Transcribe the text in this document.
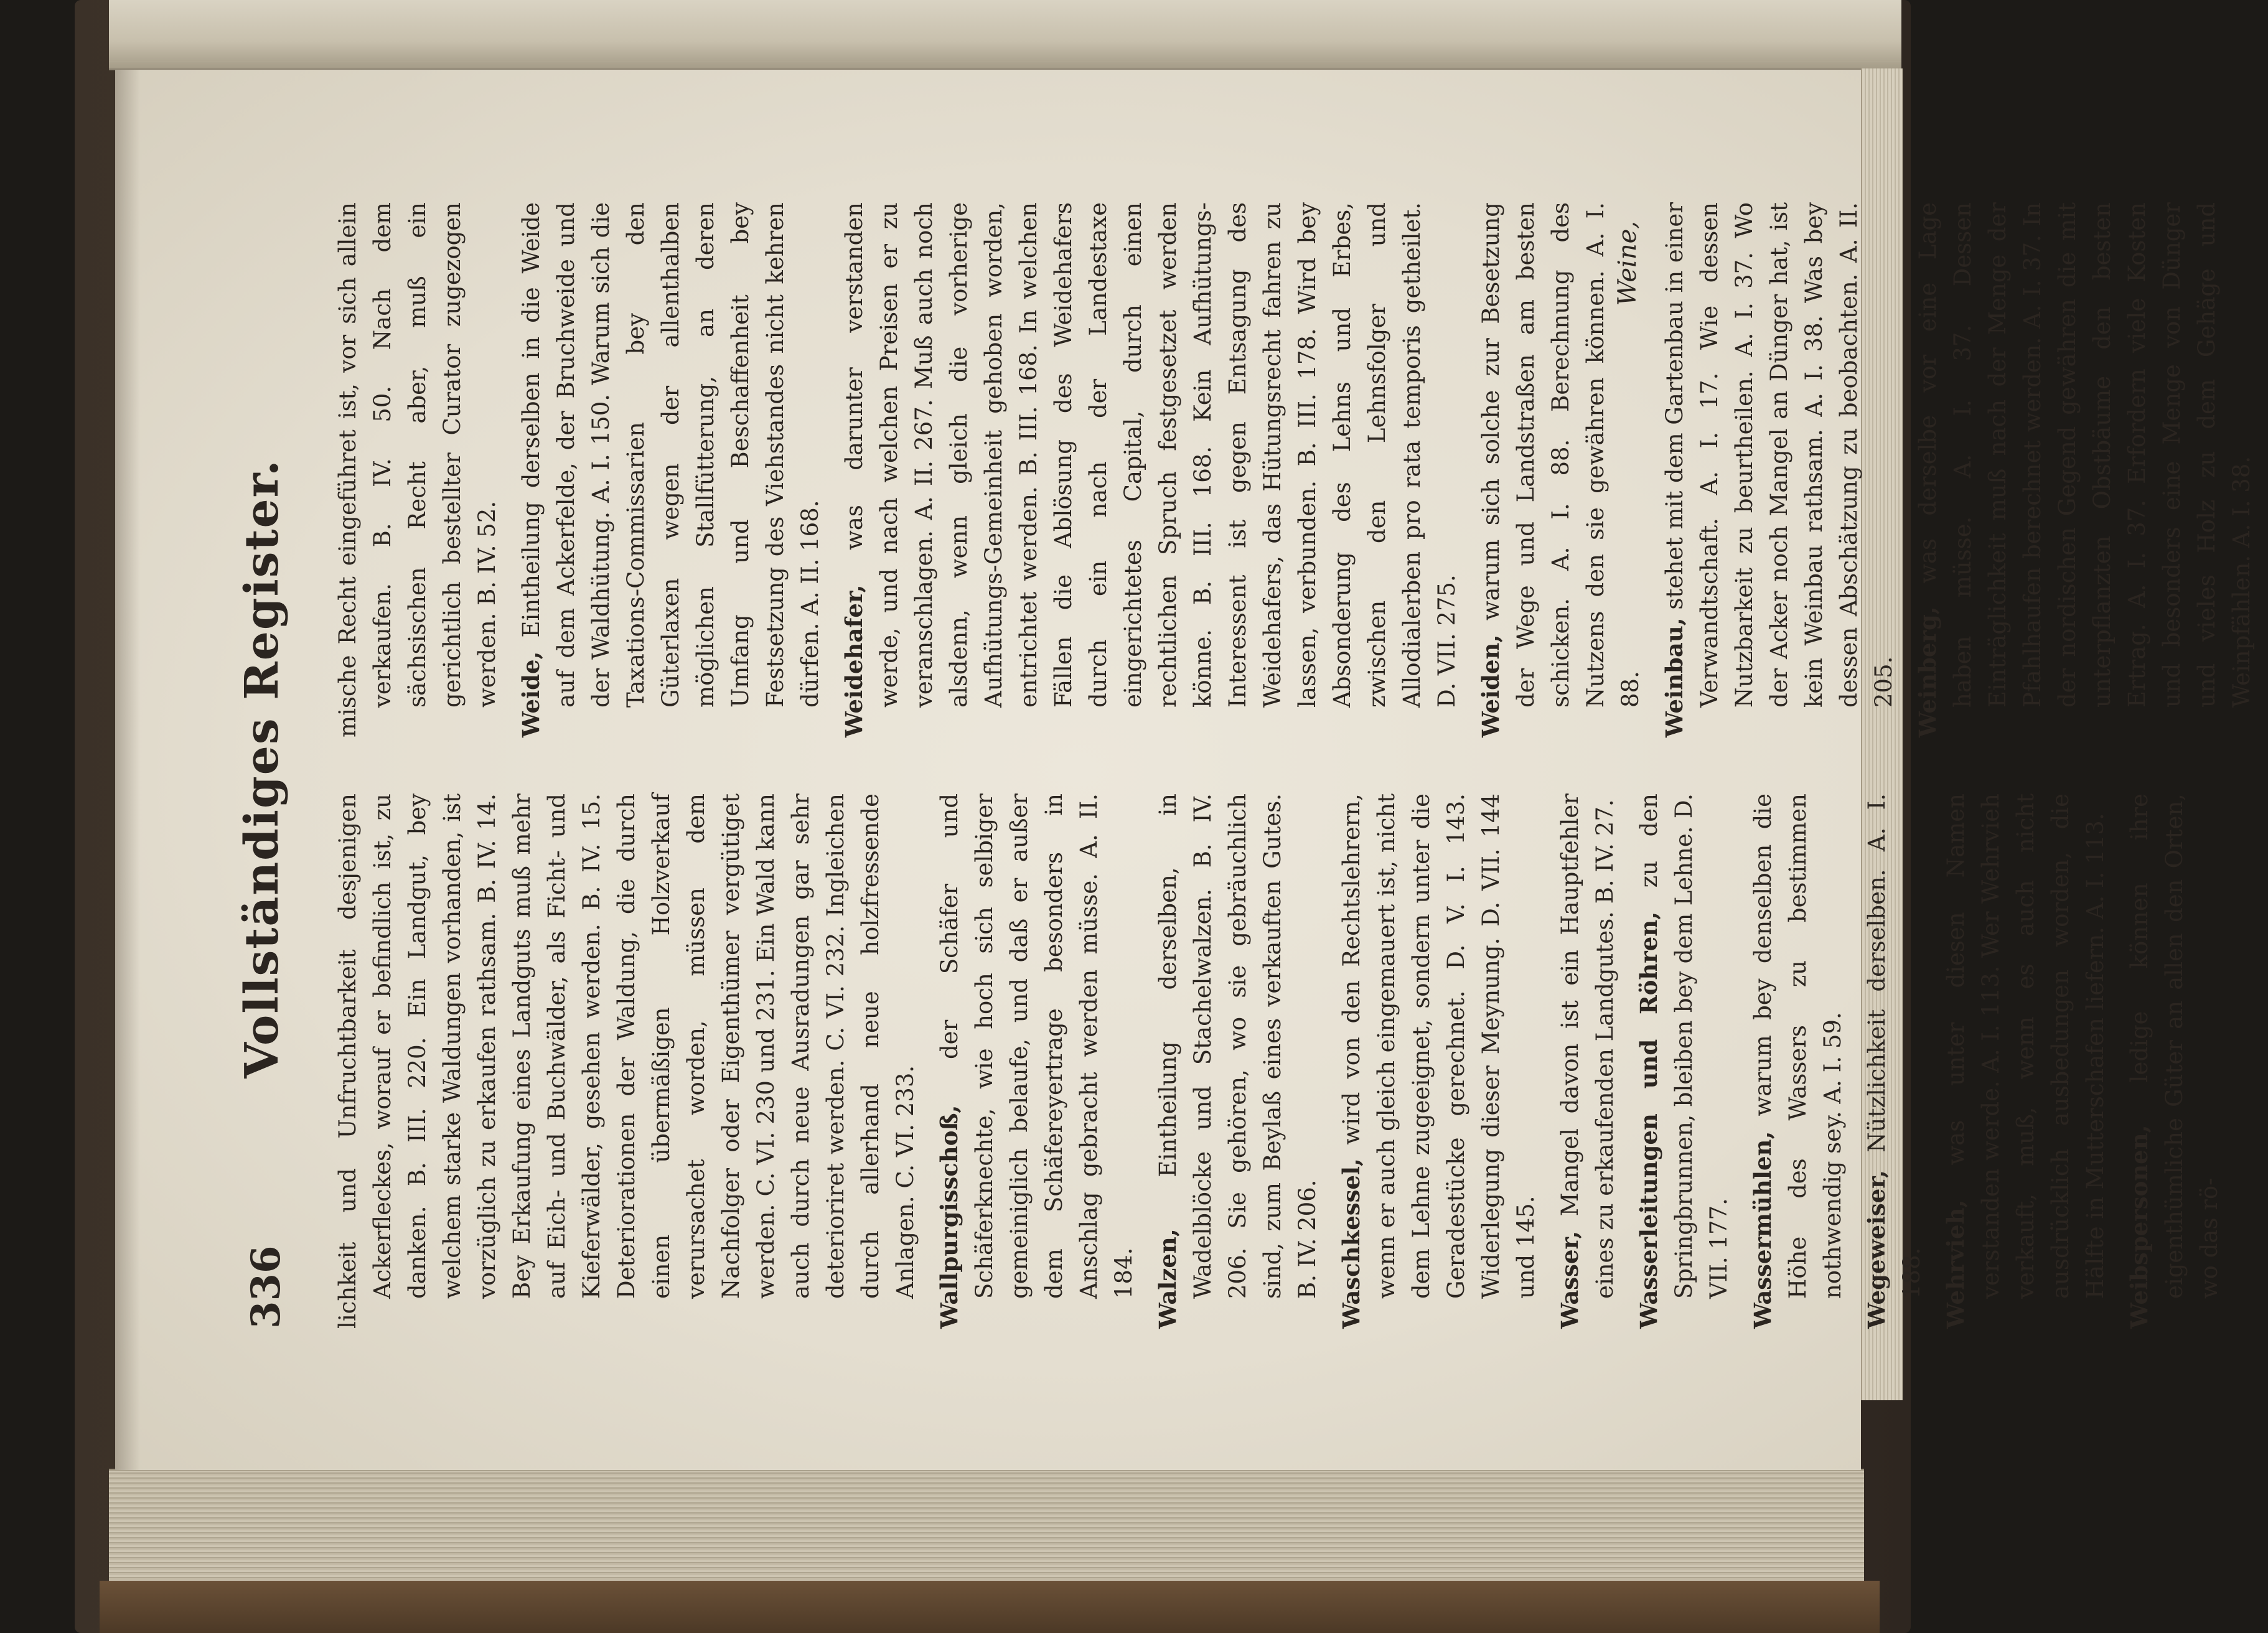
336
Vollständiges Register. lichkeit und Unfruchtbarkeit desjenigen Ackerfleckes, worauf er befindlich ist, zu danken. B. III. 220. Ein Landgut, bey welchem starke Waldungen vorhanden, ist vorzüglich zu erkaufen rathsam. B. IV. 14. Bey Erkaufung eines Landguts muß mehr auf Eich- und Buchwälder, als Ficht- und Kieferwälder, gesehen werden. B. IV. 15. Deteriorationen der Waldung, die durch einen übermäßigen Holzverkauf verursachet worden, müssen dem Nachfolger oder Eigenthümer vergütiget werden. C. VI. 230 und 231. Ein Wald kann auch durch neue Ausradungen gar sehr deterioriret werden. C. VI. 232. Ingleichen durch allerhand neue holzfressende Anlagen. C. VI. 233. Wallpurgisschoß, der Schäfer und Schäferknechte, wie hoch sich selbiger gemeiniglich belaufe, und daß er außer dem Schäfereyertrage besonders in Anschlag gebracht werden müsse. A. II. 184. Walzen, Eintheilung derselben, in Wadelblöcke und Stachelwalzen. B. IV. 206. Sie gehören, wo sie gebräuchlich sind, zum Beylaß eines verkauften Gutes. B. IV. 206. Waschkessel, wird von den Rechtslehrern, wenn er auch gleich eingemauert ist, nicht dem Lehne zugeeignet, sondern unter die Geradestücke gerechnet. D. V. I. 143. Widerlegung dieser Meynung. D. VII. 144 und 145. Wasser, Mangel davon ist ein Hauptfehler eines zu erkaufenden Landgutes. B. IV. 27. Wasserleitungen und Röhren, zu den Springbrunnen, bleiben bey dem Lehne. D. VII. 177. Wassermühlen, warum bey denselben die Höhe des Wassers zu bestimmen nothwendig sey. A. I. 59. Wegeweiser, Nützlichkeit derselben. A. I. 188. Wehrvieh, was unter diesen Namen verstanden werde. A. I. 113. Wer Wehrvieh verkauft, muß, wenn es auch nicht ausdrücklich ausbedungen worden, die Hälfte in Mutterschafen liefern. A. I. 113. Weibspersonen, ledige können ihre eigenthümliche Güter an allen den Orten, wo das rö-

mische Recht eingeführet ist, vor sich allein verkaufen. B. IV. 50. Nach dem sächsischen Recht aber, muß ein gerichtlich bestellter Curator zugezogen werden. B. IV. 52. Weide, Eintheilung derselben in die Weide auf dem Ackerfelde, der Bruchweide und der Waldhütung. A. I. 150. Warum sich die Taxations-Commissarien bey den Güterlaxen wegen der allenthalben möglichen Stallfütterung, an deren Umfang und Beschaffenheit bey Festsetzung des Viehstandes nicht kehren dürfen. A. II. 168. Weidehafer, was darunter verstanden werde, und nach welchen Preisen er zu veranschlagen. A. II. 267. Muß auch noch alsdenn, wenn gleich die vorherige Aufhütungs-Gemeinheit gehoben worden, entrichtet werden. B. III. 168. In welchen Fällen die Ablösung des Weidehafers durch ein nach der Landestaxe eingerichtetes Capital, durch einen rechtlichen Spruch festgesetzet werden könne. B. III. 168. Kein Aufhütungs-Interessent ist gegen Entsagung des Weidehafers, das Hütungsrecht fahren zu lassen, verbunden. B. III. 178. Wird bey Absonderung des Lehns und Erbes, zwischen den Lehnsfolger und Allodialerben pro rata temporis getheilet. D. VII. 275. Weiden, warum sich solche zur Besetzung der Wege und Landstraßen am besten schicken. A. I. 88. Berechnung des Nutzens den sie gewähren können. A. I. 88. Weinbau, stehet mit dem Gartenbau in einer Verwandtschaft. A. I. 17. Wie dessen Nutzbarkeit zu beurtheilen. A. I. 37. Wo der Acker noch Mangel an Dünger hat, ist kein Weinbau rathsam. A. I. 38. Was bey dessen Abschätzung zu beobachten. A. II. 205. Weinberg, was derselbe vor eine Lage haben müsse. A. I. 37. Dessen Einträglichkeit muß nach der Menge der Pfahlhaufen berechnet werden. A. I. 37. In der nordischen Gegend gewähren die mit unterpflanzten Obstbäume den besten Ertrag. A. I. 37. Erfordern viele Kosten und besonders eine Menge von Dünger und vieles Holz zu dem Gehäge und Weinpfählen. A. I. 38.

Weine,
